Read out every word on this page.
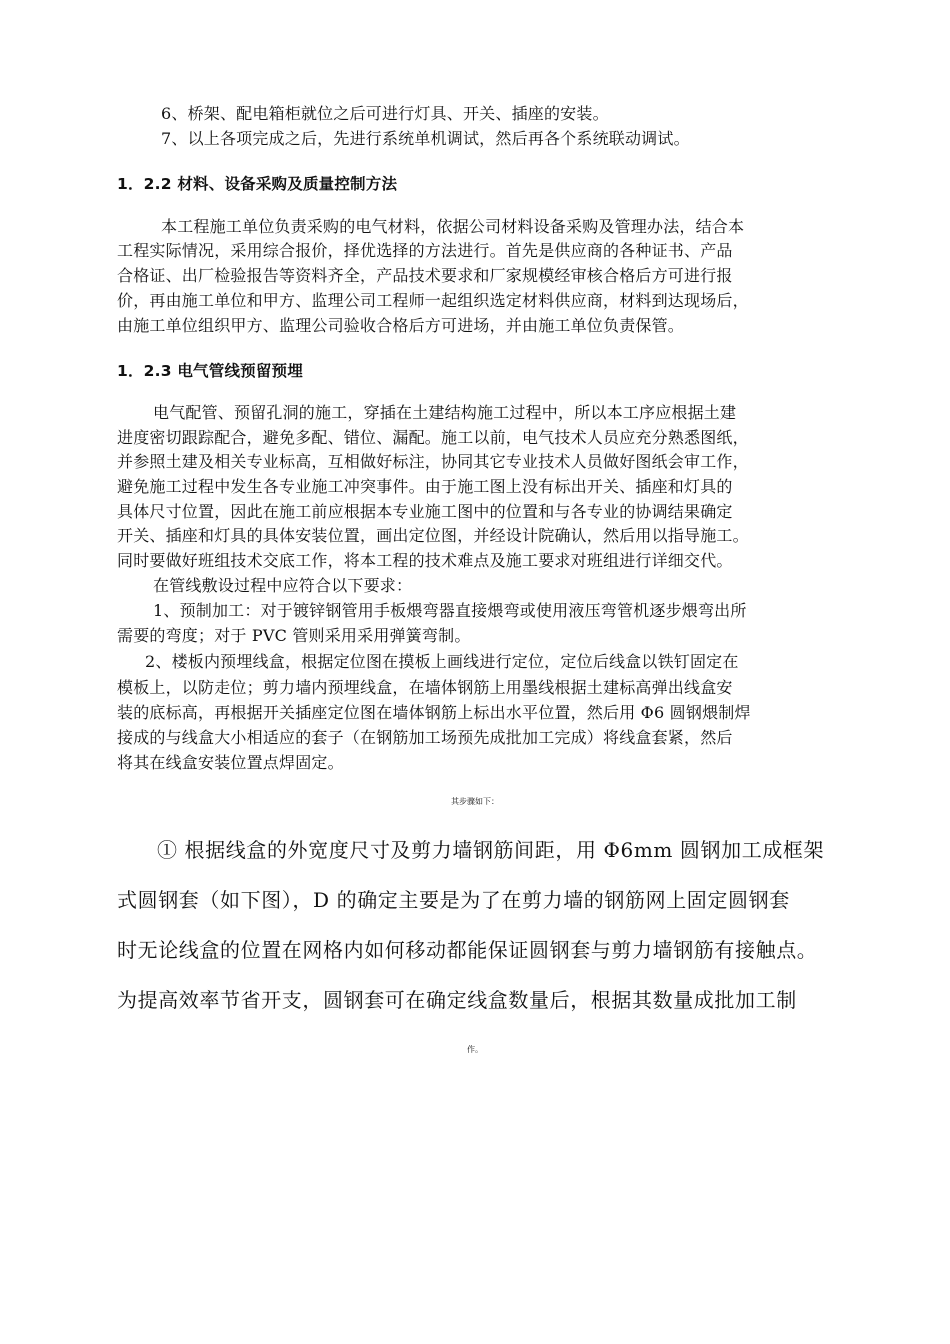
6、桥架、配电箱柜就位之后可进行灯具、开关、插座的安装。
7、以上各项完成之后，先进行系统单机调试，然后再各个系统联动调试。
1．2.2 材料、设备采购及质量控制方法
本工程施工单位负责采购的电气材料，依据公司材料设备采购及管理办法，结合本
工程实际情况，采用综合报价，择优选择的方法进行。首先是供应商的各种证书、产品
合格证、出厂检验报告等资料齐全，产品技术要求和厂家规模经审核合格后方可进行报
价，再由施工单位和甲方、监理公司工程师一起组织选定材料供应商，材料到达现场后，
由施工单位组织甲方、监理公司验收合格后方可进场，并由施工单位负责保管。
1．2.3 电气管线预留预埋
电气配管、预留孔洞的施工，穿插在土建结构施工过程中，所以本工序应根据土建
进度密切跟踪配合，避免多配、错位、漏配。施工以前，电气技术人员应充分熟悉图纸，
并参照土建及相关专业标高，互相做好标注，协同其它专业技术人员做好图纸会审工作，
避免施工过程中发生各专业施工冲突事件。由于施工图上没有标出开关、插座和灯具的
具体尺寸位置，因此在施工前应根据本专业施工图中的位置和与各专业的协调结果确定
开关、插座和灯具的具体安装位置，画出定位图，并经设计院确认，然后用以指导施工。
同时要做好班组技术交底工作，将本工程的技术难点及施工要求对班组进行详细交代。
在管线敷设过程中应符合以下要求：
1、预制加工：对于镀锌钢管用手板煨弯器直接煨弯或使用液压弯管机逐步煨弯出所
需要的弯度；对于 PVC 管则采用采用弹簧弯制。
2、楼板内预埋线盒，根据定位图在摸板上画线进行定位，定位后线盒以铁钉固定在
模板上，以防走位；剪力墙内预埋线盒，在墙体钢筋上用墨线根据土建标高弹出线盒安
装的底标高，再根据开关插座定位图在墙体钢筋上标出水平位置，然后用 Φ6 圆钢煨制焊
接成的与线盒大小相适应的套子（在钢筋加工场预先成批加工完成）将线盒套紧，然后
将其在线盒安装位置点焊固定。
其步骤如下：
① 根据线盒的外宽度尺寸及剪力墙钢筋间距，用 Φ6mm 圆钢加工成框架
式圆钢套（如下图），D 的确定主要是为了在剪力墙的钢筋网上固定圆钢套
时无论线盒的位置在网格内如何移动都能保证圆钢套与剪力墙钢筋有接触点。
为提高效率节省开支，圆钢套可在确定线盒数量后，根据其数量成批加工制
作。
